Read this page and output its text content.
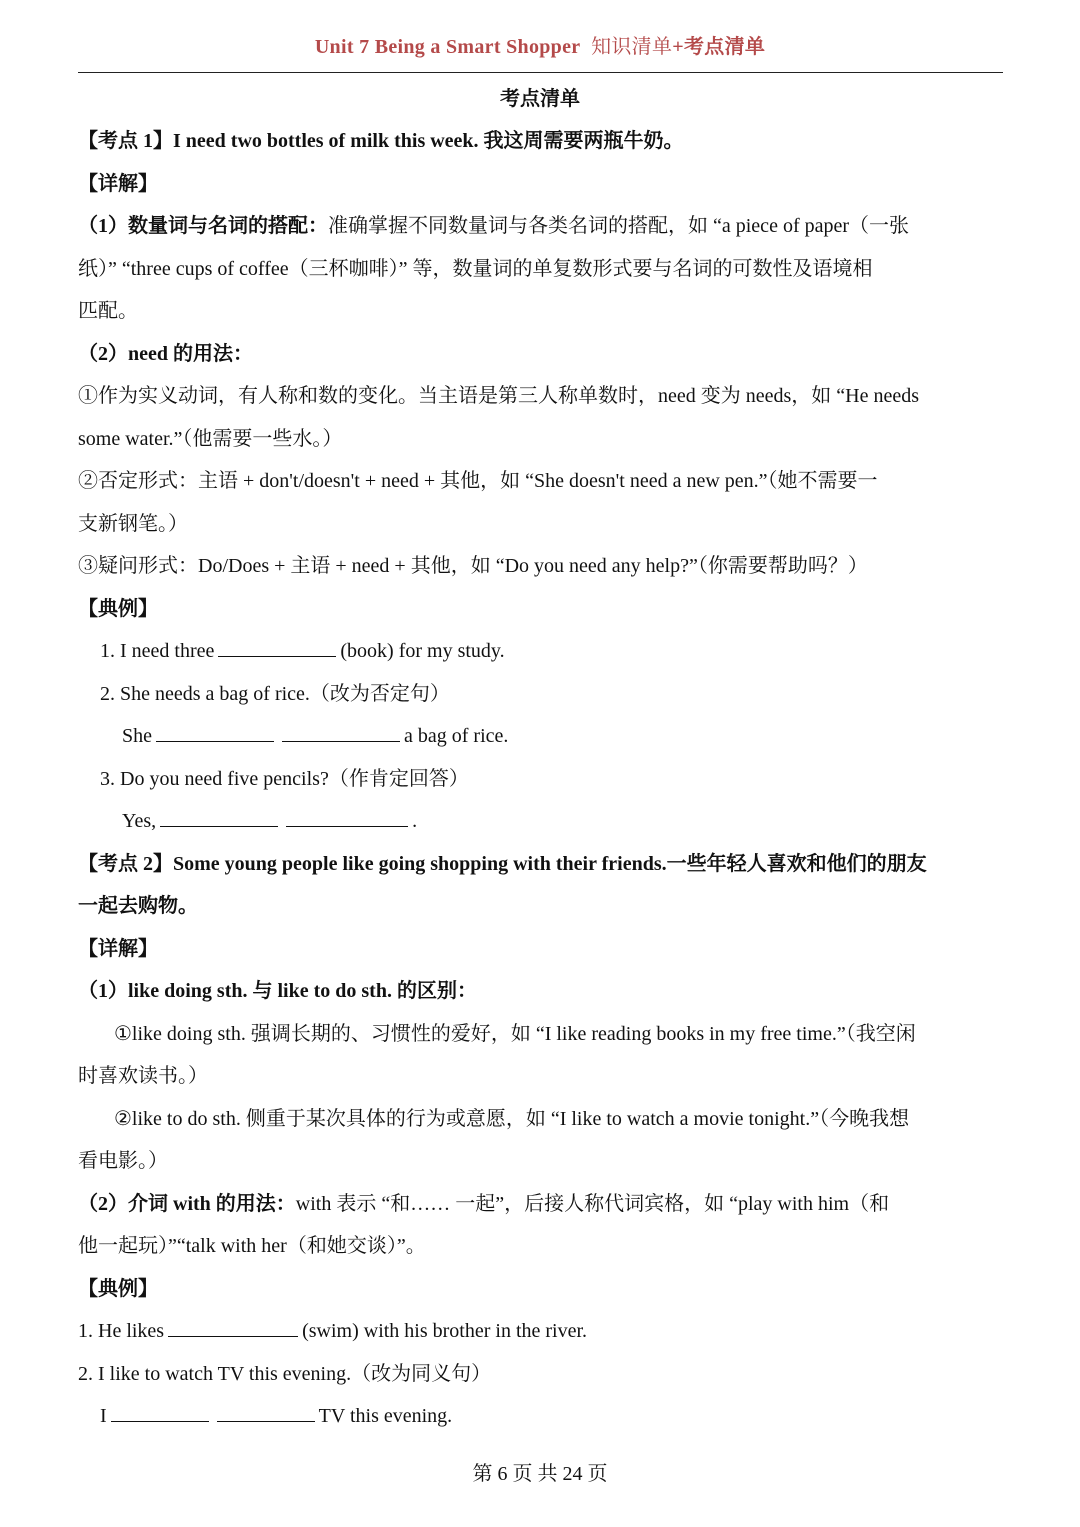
Unit 7 Being a Smart Shopper 知识清单+考点清单
考点清单
【考点 1】I need two bottles of milk this week. 我这周需要两瓶牛奶。
【详解】
（1）数量词与名词的搭配：准确掌握不同数量词与各类名词的搭配，如 “a piece of paper（一张
纸）” “three cups of coffee（三杯咖啡）” 等，数量词的单复数形式要与名词的可数性及语境相
匹配。
（2）need 的用法：
①作为实义动词，有人称和数的变化。当主语是第三人称单数时，need 变为 needs，如 “He needs
some water.”（他需要一些水。）
②否定形式：主语 + don't/doesn't + need + 其他，如 “She doesn't need a new pen.”（她不需要一
支新钢笔。）
③疑问形式：Do/Does + 主语 + need + 其他，如 “Do you need any help?”（你需要帮助吗？）
【典例】
1. I need three	(book) for my study.
2. She needs a bag of rice.（改为否定句）
She	a bag of rice.
3. Do you need five pencils?（作肯定回答）
Yes,	.
【考点 2】Some young people like going shopping with their friends.一些年轻人喜欢和他们的朋友
一起去购物。
【详解】
（1）like doing sth. 与 like to do sth. 的区别：
①like doing sth. 强调长期的、习惯性的爱好，如 “I like reading books in my free time.”（我空闲
时喜欢读书。）
②like to do sth. 侧重于某次具体的行为或意愿，如 “I like to watch a movie tonight.”（今晚我想
看电影。）
（2）介词 with 的用法：with 表示 “和…… 一起”，后接人称代词宾格，如 “play with him（和
他一起玩）”“talk with her（和她交谈）”。
【典例】
1. He likes	(swim) with his brother in the river.
2. I like to watch TV this evening.（改为同义句）
I	TV this evening.
第 6 页 共 24 页
